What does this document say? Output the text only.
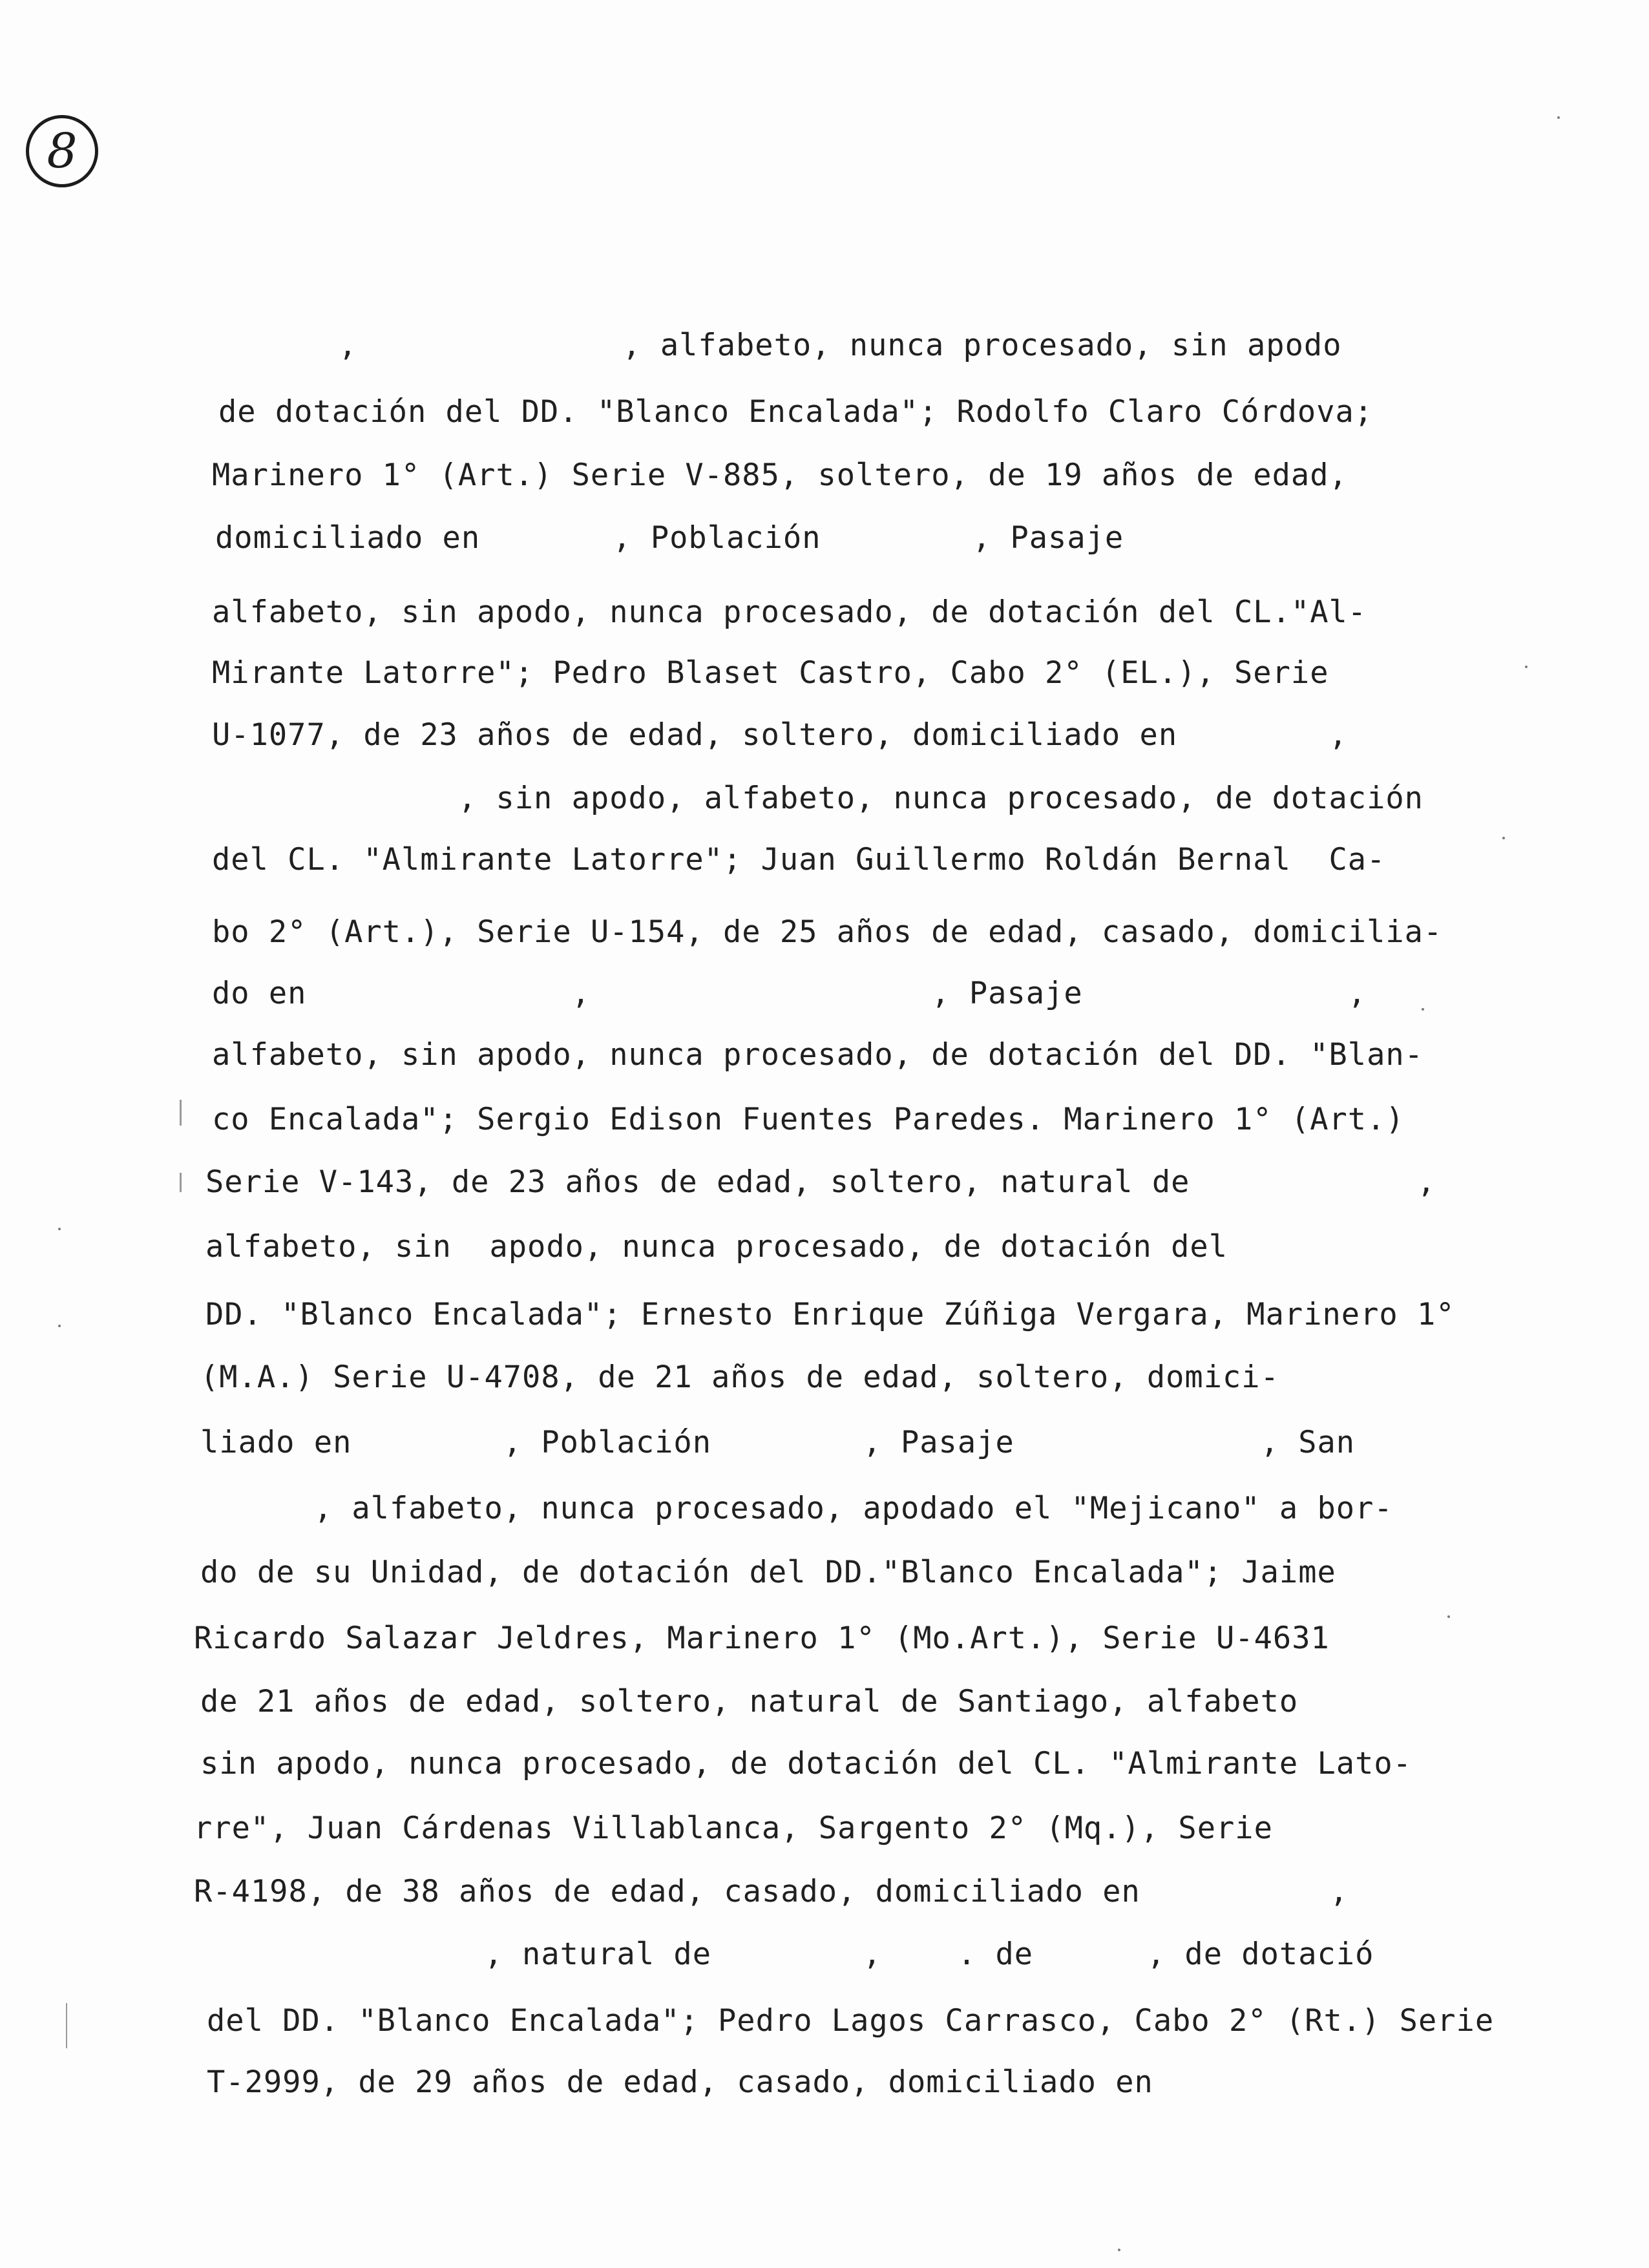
8

,              , alfabeto, nunca procesado, sin apodo

de dotación del DD. "Blanco Encalada"; Rodolfo Claro Córdova;

Marinero 1° (Art.) Serie V-885, soltero, de 19 años de edad,

domiciliado en       , Población        , Pasaje

alfabeto, sin apodo, nunca procesado, de dotación del CL."Al-

Mirante Latorre"; Pedro Blaset Castro, Cabo 2° (EL.), Serie

U-1077, de 23 años de edad, soltero, domiciliado en        ,

, sin apodo, alfabeto, nunca procesado, de dotación

del CL. "Almirante Latorre"; Juan Guillermo Roldán Bernal  Ca-

bo 2° (Art.), Serie U-154, de 25 años de edad, casado, domicilia-

do en              ,                  , Pasaje              ,

alfabeto, sin apodo, nunca procesado, de dotación del DD. "Blan-

co Encalada"; Sergio Edison Fuentes Paredes. Marinero 1° (Art.)

Serie V-143, de 23 años de edad, soltero, natural de            ,

alfabeto, sin  apodo, nunca procesado, de dotación del

DD. "Blanco Encalada"; Ernesto Enrique Zúñiga Vergara, Marinero 1°

(M.A.) Serie U-4708, de 21 años de edad, soltero, domici-

liado en        , Población        , Pasaje             , San

, alfabeto, nunca procesado, apodado el "Mejicano" a bor-

do de su Unidad, de dotación del DD."Blanco Encalada"; Jaime

Ricardo Salazar Jeldres, Marinero 1° (Mo.Art.), Serie U-4631

de 21 años de edad, soltero, natural de Santiago, alfabeto

sin apodo, nunca procesado, de dotación del CL. "Almirante Lato-

rre", Juan Cárdenas Villablanca, Sargento 2° (Mq.), Serie

R-4198, de 38 años de edad, casado, domiciliado en          ,

, natural de        ,    . de      , de dotació

del DD. "Blanco Encalada"; Pedro Lagos Carrasco, Cabo 2° (Rt.) Serie

T-2999, de 29 años de edad, casado, domiciliado en
